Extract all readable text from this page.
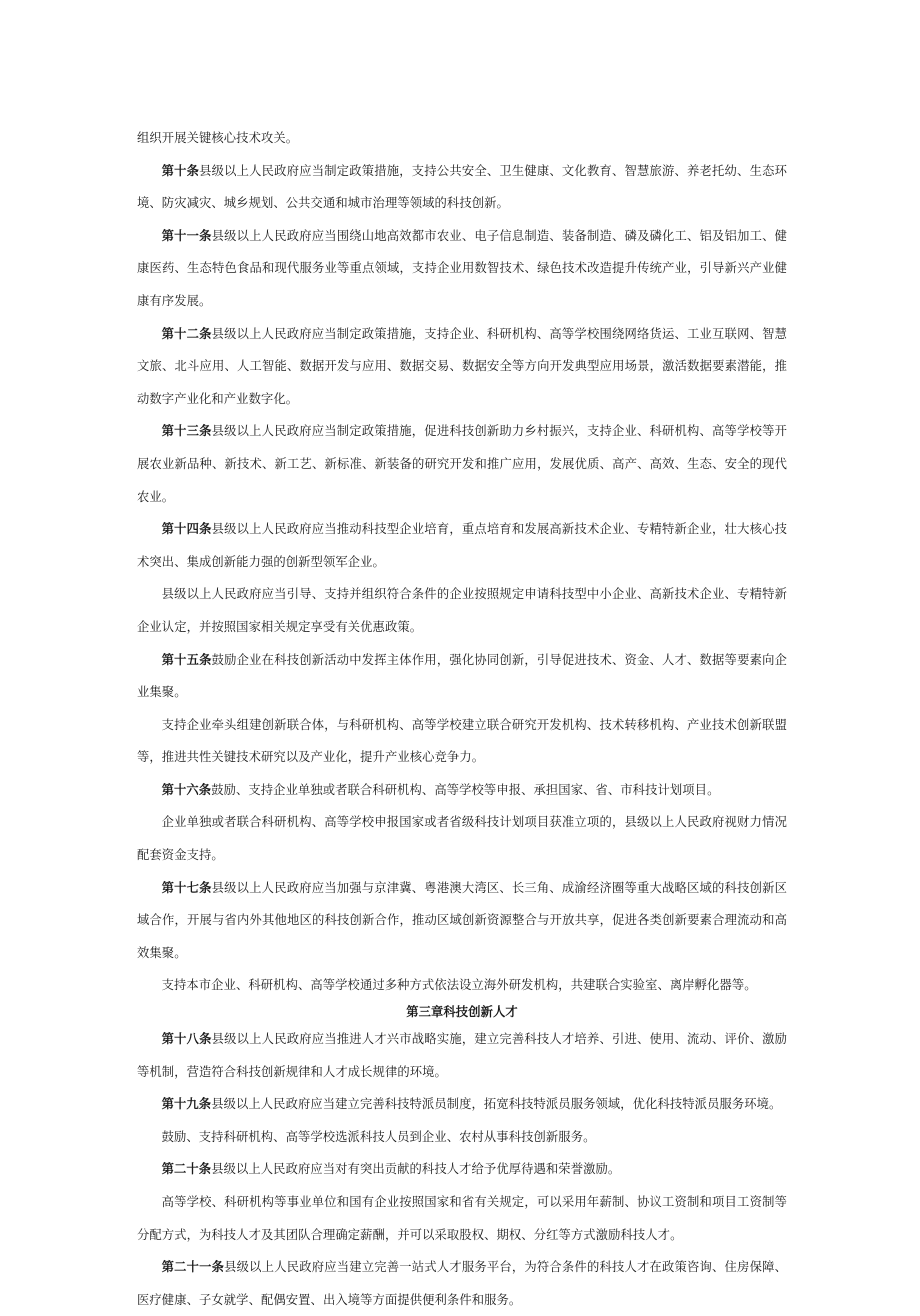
组织开展关键核心技术攻关。

第十条县级以上人民政府应当制定政策措施，支持公共安全、卫生健康、文化教育、智慧旅游、养老托幼、生态环境、防灾减灾、城乡规划、公共交通和城市治理等领域的科技创新。

第十一条县级以上人民政府应当围绕山地高效都市农业、电子信息制造、装备制造、磷及磷化工、铝及铝加工、健康医药、生态特色食品和现代服务业等重点领域，支持企业用数智技术、绿色技术改造提升传统产业，引导新兴产业健康有序发展。

第十二条县级以上人民政府应当制定政策措施，支持企业、科研机构、高等学校围绕网络货运、工业互联网、智慧文旅、北斗应用、人工智能、数据开发与应用、数据交易、数据安全等方向开发典型应用场景，激活数据要素潜能，推动数字产业化和产业数字化。

第十三条县级以上人民政府应当制定政策措施，促进科技创新助力乡村振兴，支持企业、科研机构、高等学校等开展农业新品种、新技术、新工艺、新标准、新装备的研究开发和推广应用，发展优质、高产、高效、生态、安全的现代农业。

第十四条县级以上人民政府应当推动科技型企业培育，重点培育和发展高新技术企业、专精特新企业，壮大核心技术突出、集成创新能力强的创新型领军企业。

县级以上人民政府应当引导、支持并组织符合条件的企业按照规定申请科技型中小企业、高新技术企业、专精特新企业认定，并按照国家相关规定享受有关优惠政策。

第十五条鼓励企业在科技创新活动中发挥主体作用，强化协同创新，引导促进技术、资金、人才、数据等要素向企业集聚。

支持企业牵头组建创新联合体，与科研机构、高等学校建立联合研究开发机构、技术转移机构、产业技术创新联盟等，推进共性关键技术研究以及产业化，提升产业核心竞争力。

第十六条鼓励、支持企业单独或者联合科研机构、高等学校等申报、承担国家、省、市科技计划项目。

企业单独或者联合科研机构、高等学校申报国家或者省级科技计划项目获准立项的，县级以上人民政府视财力情况配套资金支持。

第十七条县级以上人民政府应当加强与京津冀、粤港澳大湾区、长三角、成渝经济圈等重大战略区域的科技创新区域合作，开展与省内外其他地区的科技创新合作，推动区域创新资源整合与开放共享，促进各类创新要素合理流动和高效集聚。

支持本市企业、科研机构、高等学校通过多种方式依法设立海外研发机构，共建联合实验室、离岸孵化器等。

第三章科技创新人才

第十八条县级以上人民政府应当推进人才兴市战略实施，建立完善科技人才培养、引进、使用、流动、评价、激励等机制，营造符合科技创新规律和人才成长规律的环境。

第十九条县级以上人民政府应当建立完善科技特派员制度，拓宽科技特派员服务领域，优化科技特派员服务环境。

鼓励、支持科研机构、高等学校选派科技人员到企业、农村从事科技创新服务。

第二十条县级以上人民政府应当对有突出贡献的科技人才给予优厚待遇和荣誉激励。

高等学校、科研机构等事业单位和国有企业按照国家和省有关规定，可以采用年薪制、协议工资制和项目工资制等分配方式，为科技人才及其团队合理确定薪酬，并可以采取股权、期权、分红等方式激励科技人才。

第二十一条县级以上人民政府应当建立完善一站式人才服务平台，为符合条件的科技人才在政策咨询、住房保障、医疗健康、子女就学、配偶安置、出入境等方面提供便利条件和服务。
